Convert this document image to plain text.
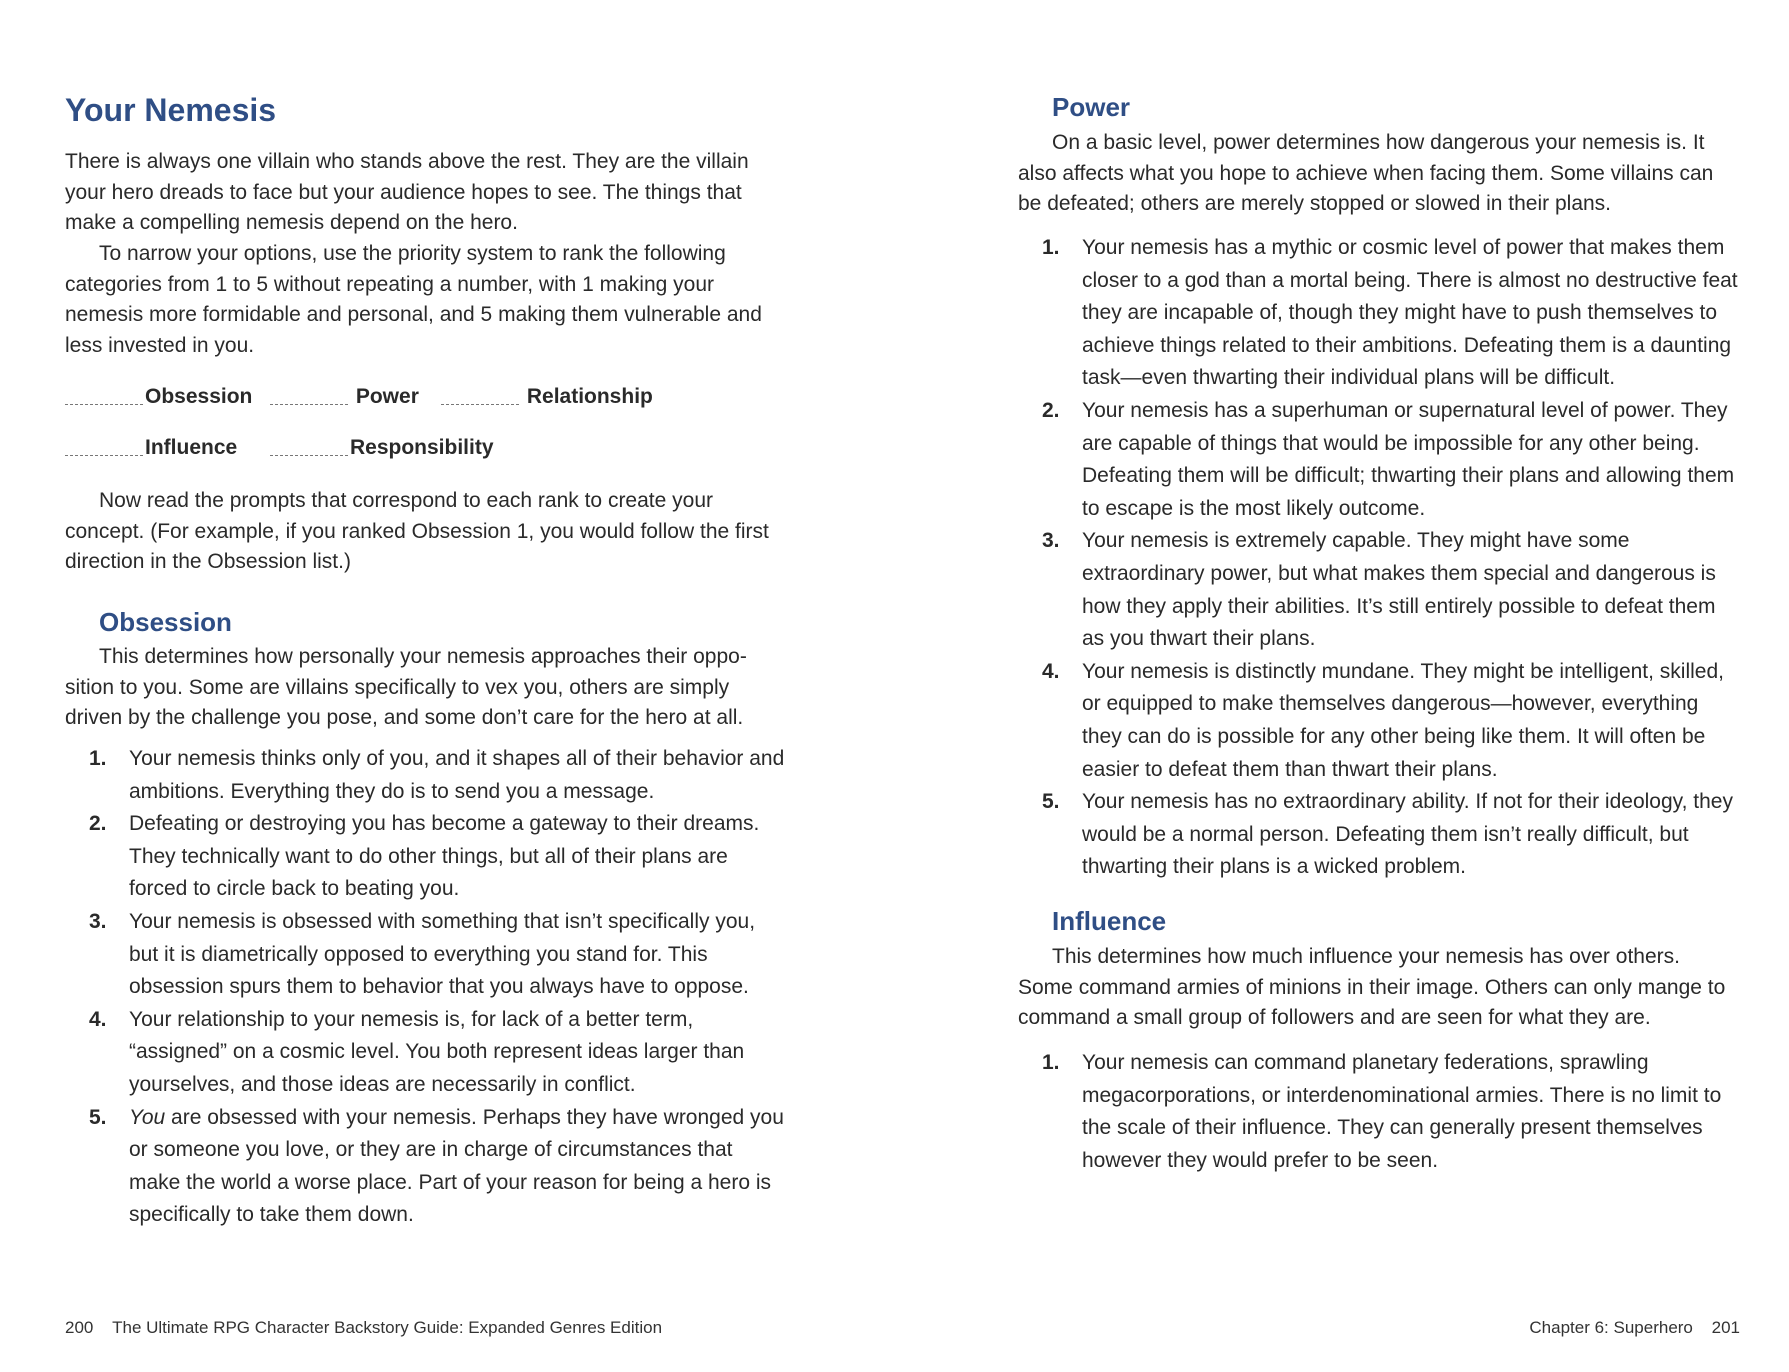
Your Nemesis

There is always one villain who stands above the rest. They are the villain your hero dreads to face but your audience hopes to see. The things that make a compelling nemesis depend on the hero.

To narrow your options, use the priority system to rank the following categories from 1 to 5 without repeating a number, with 1 making your nemesis more formidable and personal, and 5 making them vulnerable and less invested in you.

Obsession	Power	Relationship
Influence	Responsibility

Now read the prompts that correspond to each rank to create your concept. (For example, if you ranked Obsession 1, you would follow the first direction in the Obsession list.)

Obsession

This determines how personally your nemesis approaches their opposition to you. Some are villains specifically to vex you, others are simply driven by the challenge you pose, and some don’t care for the hero at all.

1. Your nemesis thinks only of you, and it shapes all of their behavior and ambitions. Everything they do is to send you a message.
2. Defeating or destroying you has become a gateway to their dreams. They technically want to do other things, but all of their plans are forced to circle back to beating you.
3. Your nemesis is obsessed with something that isn’t specifically you, but it is diametrically opposed to everything you stand for. This obsession spurs them to behavior that you always have to oppose.
4. Your relationship to your nemesis is, for lack of a better term, “assigned” on a cosmic level. You both represent ideas larger than yourselves, and those ideas are necessarily in conflict.
5. You are obsessed with your nemesis. Perhaps they have wronged you or someone you love, or they are in charge of circumstances that make the world a worse place. Part of your reason for being a hero is specifically to take them down.
200 The Ultimate RPG Character Backstory Guide: Expanded Genres Edition
Power

On a basic level, power determines how dangerous your nemesis is. It also affects what you hope to achieve when facing them. Some villains can be defeated; others are merely stopped or slowed in their plans.

1. Your nemesis has a mythic or cosmic level of power that makes them closer to a god than a mortal being. There is almost no destructive feat they are incapable of, though they might have to push themselves to achieve things related to their ambitions. Defeating them is a daunting task—even thwarting their individual plans will be difficult.
2. Your nemesis has a superhuman or supernatural level of power. They are capable of things that would be impossible for any other being. Defeating them will be difficult; thwarting their plans and allowing them to escape is the most likely outcome.
3. Your nemesis is extremely capable. They might have some extraordinary power, but what makes them special and dangerous is how they apply their abilities. It’s still entirely possible to defeat them as you thwart their plans.
4. Your nemesis is distinctly mundane. They might be intelligent, skilled, or equipped to make themselves dangerous—however, everything they can do is possible for any other being like them. It will often be easier to defeat them than thwart their plans.
5. Your nemesis has no extraordinary ability. If not for their ideology, they would be a normal person. Defeating them isn’t really difficult, but thwarting their plans is a wicked problem.
Influence

This determines how much influence your nemesis has over others. Some command armies of minions in their image. Others can only mange to command a small group of followers and are seen for what they are.

1. Your nemesis can command planetary federations, sprawling megacorporations, or interdenominational armies. There is no limit to the scale of their influence. They can generally present themselves however they would prefer to be seen.
Chapter 6: Superhero 201
